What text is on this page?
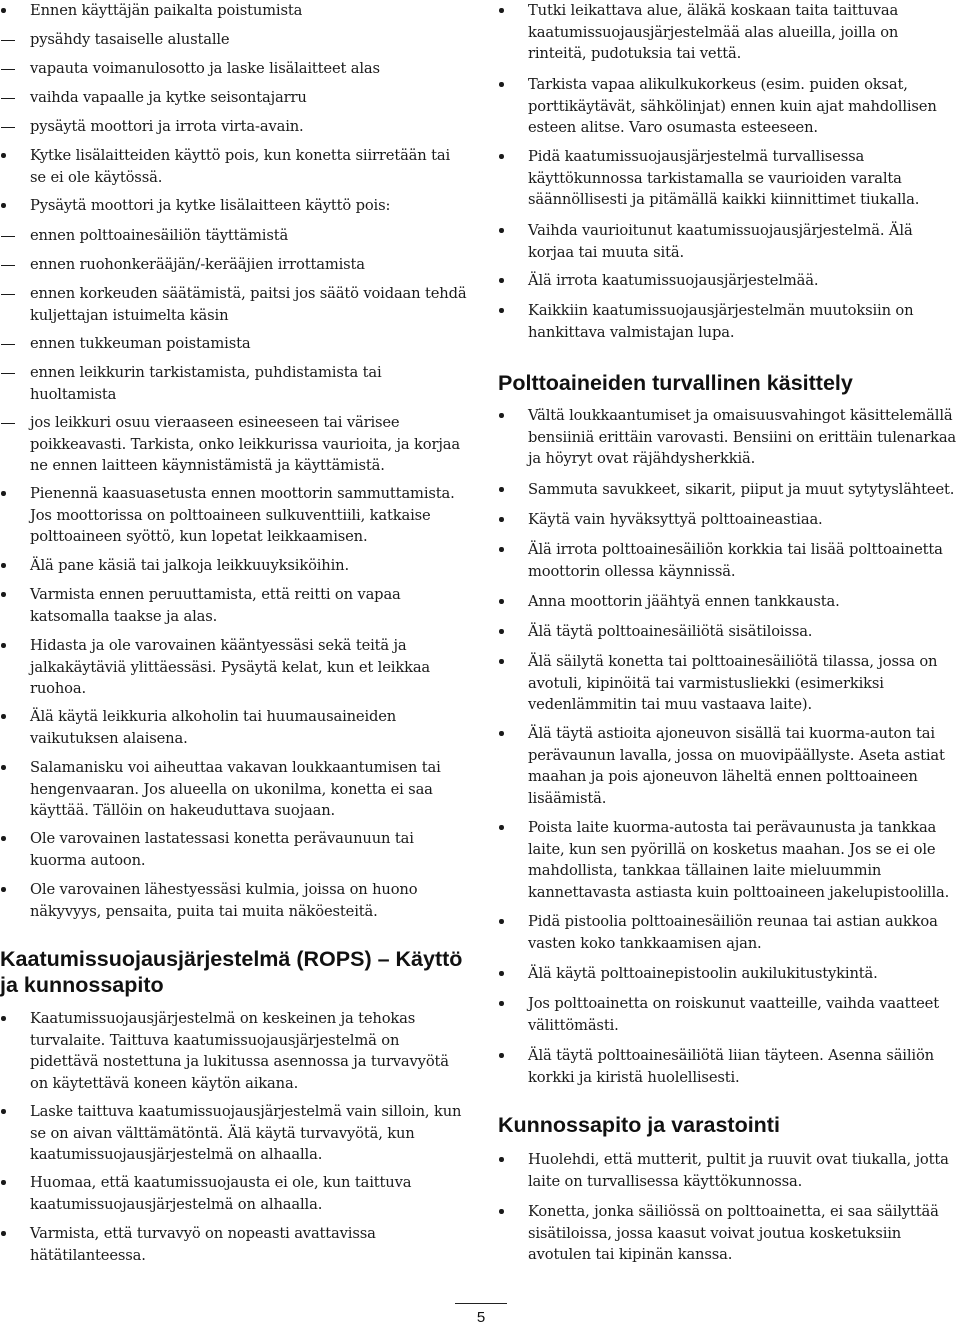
Ennen käyttäjän paikalta poistumista
pysähdy tasaiselle alustalle
vapauta voimanulosotto ja laske lisälaitteet alas
vaihda vapaalle ja kytke seisontajarru
pysäytä moottori ja irrota virta-avain.
Kytke lisälaitteiden käyttö pois, kun konetta siirretään tai se ei ole käytössä.
Pysäytä moottori ja kytke lisälaitteen käyttö pois:
ennen polttoainesäiliön täyttämistä
ennen ruohonkerääjän/-kerääjien irrottamista
ennen korkeuden säätämistä, paitsi jos säätö voidaan tehdä kuljettajan istuimelta käsin
ennen tukkeuman poistamista
ennen leikkurin tarkistamista, puhdistamista tai huoltamista
jos leikkuri osuu vieraaseen esineeseen tai värisee poikkeavasti. Tarkista, onko leikkurissa vaurioita, ja korjaa ne ennen laitteen käynnistämistä ja käyttämistä.
Pienennä kaasuasetusta ennen moottorin sammuttamista. Jos moottorissa on polttoaineen sulkuventtiili, katkaise polttoaineen syöttö, kun lopetat leikkaamisen.
Älä pane käsiä tai jalkoja leikkuuyksiköihin.
Varmista ennen peruuttamista, että reitti on vapaa katsomalla taakse ja alas.
Hidasta ja ole varovainen kääntyessäsi sekä teitä ja jalkakäytäviä ylittäessäsi. Pysäytä kelat, kun et leikkaa ruohoa.
Älä käytä leikkuria alkoholin tai huumausaineiden vaikutuksen alaisena.
Salamanisku voi aiheuttaa vakavan loukkaantumisen tai hengenvaaran. Jos alueella on ukonilma, konetta ei saa käyttää. Tällöin on hakeuduttava suojaan.
Ole varovainen lastatessasi konetta perävaunuun tai kuorma autoon.
Ole varovainen lähestyessäsi kulmia, joissa on huono näkyvyys, pensaita, puita tai muita näköesteitä.
Kaatumissuojausjärjestelmä (ROPS) – Käyttö ja kunnossapito
Kaatumissuojausjärjestelmä on keskeinen ja tehokas turvalaite. Taittuva kaatumissuojausjärjestelmä on pidettävä nostettuna ja lukitussa asennossa ja turvavyötä on käytettävä koneen käytön aikana.
Laske taittuva kaatumissuojausjärjestelmä vain silloin, kun se on aivan välttämätöntä. Älä käytä turvavyötä, kun kaatumissuojausjärjestelmä on alhaalla.
Huomaa, että kaatumissuojausta ei ole, kun taittuva kaatumissuojausjärjestelmä on alhaalla.
Varmista, että turvavyö on nopeasti avattavissa hätätilanteessa.
Tutki leikattava alue, äläkä koskaan taita taittuvaa kaatumissuojausjärjestelmää alas alueilla, joilla on rinteitä, pudotuksia tai vettä.
Tarkista vapaa alikulkukorkeus (esim. puiden oksat, porttikäytävät, sähkölinjat) ennen kuin ajat mahdollisen esteen alitse. Varo osumasta esteeseen.
Pidä kaatumissuojausjärjestelmä turvallisessa käyttökunnossa tarkistamalla se vaurioiden varalta säännöllisesti ja pitämällä kaikki kiinnittimet tiukalla.
Vaihda vaurioitunut kaatumissuojausjärjestelmä. Älä korjaa tai muuta sitä.
Älä irrota kaatumissuojausjärjestelmää.
Kaikkiin kaatumissuojausjärjestelmän muutoksiin on hankittava valmistajan lupa.
Polttoaineiden turvallinen käsittely
Vältä loukkaantumiset ja omaisuusvahingot käsittelemällä bensiiniä erittäin varovasti. Bensiini on erittäin tulenarkaa ja höyryt ovat räjähdysherkkiä.
Sammuta savukkeet, sikarit, piiput ja muut sytytyslähteet.
Käytä vain hyväksyttyä polttoaineastiaa.
Älä irrota polttoainesäiliön korkkia tai lisää polttoainetta moottorin ollessa käynnissä.
Anna moottorin jäähtyä ennen tankkausta.
Älä täytä polttoainesäiliötä sisätiloissa.
Älä säilytä konetta tai polttoainesäiliötä tilassa, jossa on avotuli, kipinöitä tai varmistusliekki (esimerkiksi vedenlämmitin tai muu vastaava laite).
Älä täytä astioita ajoneuvon sisällä tai kuorma-auton tai perävaunun lavalla, jossa on muovipäällyste. Aseta astiat maahan ja pois ajoneuvon läheltä ennen polttoaineen lisäämistä.
Poista laite kuorma-autosta tai perävaunusta ja tankkaa laite, kun sen pyörillä on kosketus maahan. Jos se ei ole mahdollista, tankkaa tällainen laite mieluummin kannettavasta astiasta kuin polttoaineen jakelupistoolilla.
Pidä pistoolia polttoainesäiliön reunaa tai astian aukkoa vasten koko tankkaamisen ajan.
Älä käytä polttoainepistoolin aukilukitustykintä.
Jos polttoainetta on roiskunut vaatteille, vaihda vaatteet välittömästi.
Älä täytä polttoainesäiliötä liian täyteen. Asenna säiliön korkki ja kiristä huolellisesti.
Kunnossapito ja varastointi
Huolehdi, että mutterit, pultit ja ruuvit ovat tiukalla, jotta laite on turvallisessa käyttökunnossa.
Konetta, jonka säiliössä on polttoainetta, ei saa säilyttää sisätiloissa, jossa kaasut voivat joutua kosketuksiin avotulen tai kipinän kanssa.
5
